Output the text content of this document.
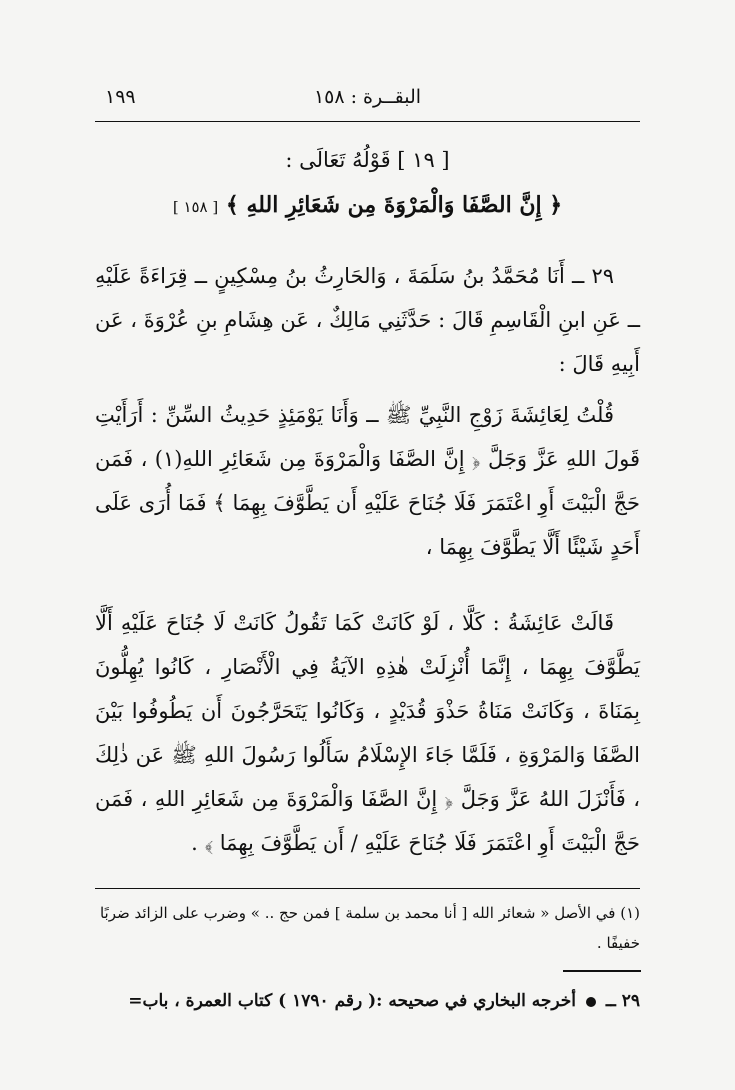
البقــرة : ١٥٨
١٩٩
[ ١٩ ] قَوْلُهُ تَعَالَى :
﴿ إِنَّ الصَّفَا وَالْمَرْوَةَ مِن شَعَائِرِ اللهِ ﴾ [ ١٥٨ ]
٢٩ ــ أَنَا مُحَمَّدُ بنُ سَلَمَةَ ، وَالحَارِثُ بنُ مِسْكِينٍ ــ قِرَاءَةً عَلَيْهِ ــ عَنِ ابنِ الْقَاسِمِ قَالَ : حَدَّثَنِي مَالِكٌ ، عَن هِشَامِ بنِ عُرْوَةَ ، عَن أَبِيهِ قَالَ :
قُلْتُ لِعَائِشَةَ زَوْجِ النَّبِيِّ ﷺ ــ وَأَنَا يَوْمَئِذٍ حَدِيثُ السِّنِّ : أَرَأَيْتِ قَولَ اللهِ عَزَّ وَجَلَّ ﴿ إِنَّ الصَّفَا وَالْمَرْوَةَ مِن شَعَائِرِ اللهِ(١) ، فَمَن حَجَّ الْبَيْتَ أَوِ اعْتَمَرَ فَلَا جُنَاحَ عَلَيْهِ أَن يَطَّوَّفَ بِهِمَا ﴾ فَمَا أُرَى عَلَى أَحَدٍ شَيْئًا أَلَّا يَطَّوَّفَ بِهِمَا ،
قَالَتْ عَائِشَةُ : كَلَّا ، لَوْ كَانَتْ كَمَا تَقُولُ كَانَتْ لَا جُنَاحَ عَلَيْهِ أَلَّا يَطَّوَّفَ بِهِمَا ، إِنَّمَا أُنْزِلَتْ هٰذِهِ الآيَةُ فِي الْأَنْصَارِ ، كَانُوا يُهِلُّونَ بِمَنَاةَ ، وَكَانَتْ مَنَاةُ حَذْوَ قُدَيْدٍ ، وَكَانُوا يَتَحَرَّجُونَ أَن يَطُوفُوا بَيْنَ الصَّفَا وَالمَرْوَةِ ، فَلَمَّا جَاءَ الإِسْلَامُ سَأَلُوا رَسُولَ اللهِ ﷺ عَن ذٰلِكَ ، فَأَنْزَلَ اللهُ عَزَّ وَجَلَّ ﴿ إِنَّ الصَّفَا وَالْمَرْوَةَ مِن شَعَائِرِ اللهِ ، فَمَن حَجَّ الْبَيْتَ أَوِ اعْتَمَرَ فَلَا جُنَاحَ عَلَيْهِ / أَن يَطَّوَّفَ بِهِمَا ﴾ .
(١) في الأصل « شعائر الله [ أنا محمد بن سلمة ] فمن حج .. » وضرب على الزائد ضربًا خفيفًا .
٢٩ ــ  أخرجه البخاري في صحيحه :( رقم ١٧٩٠ ) كتاب العمرة ، باب=
